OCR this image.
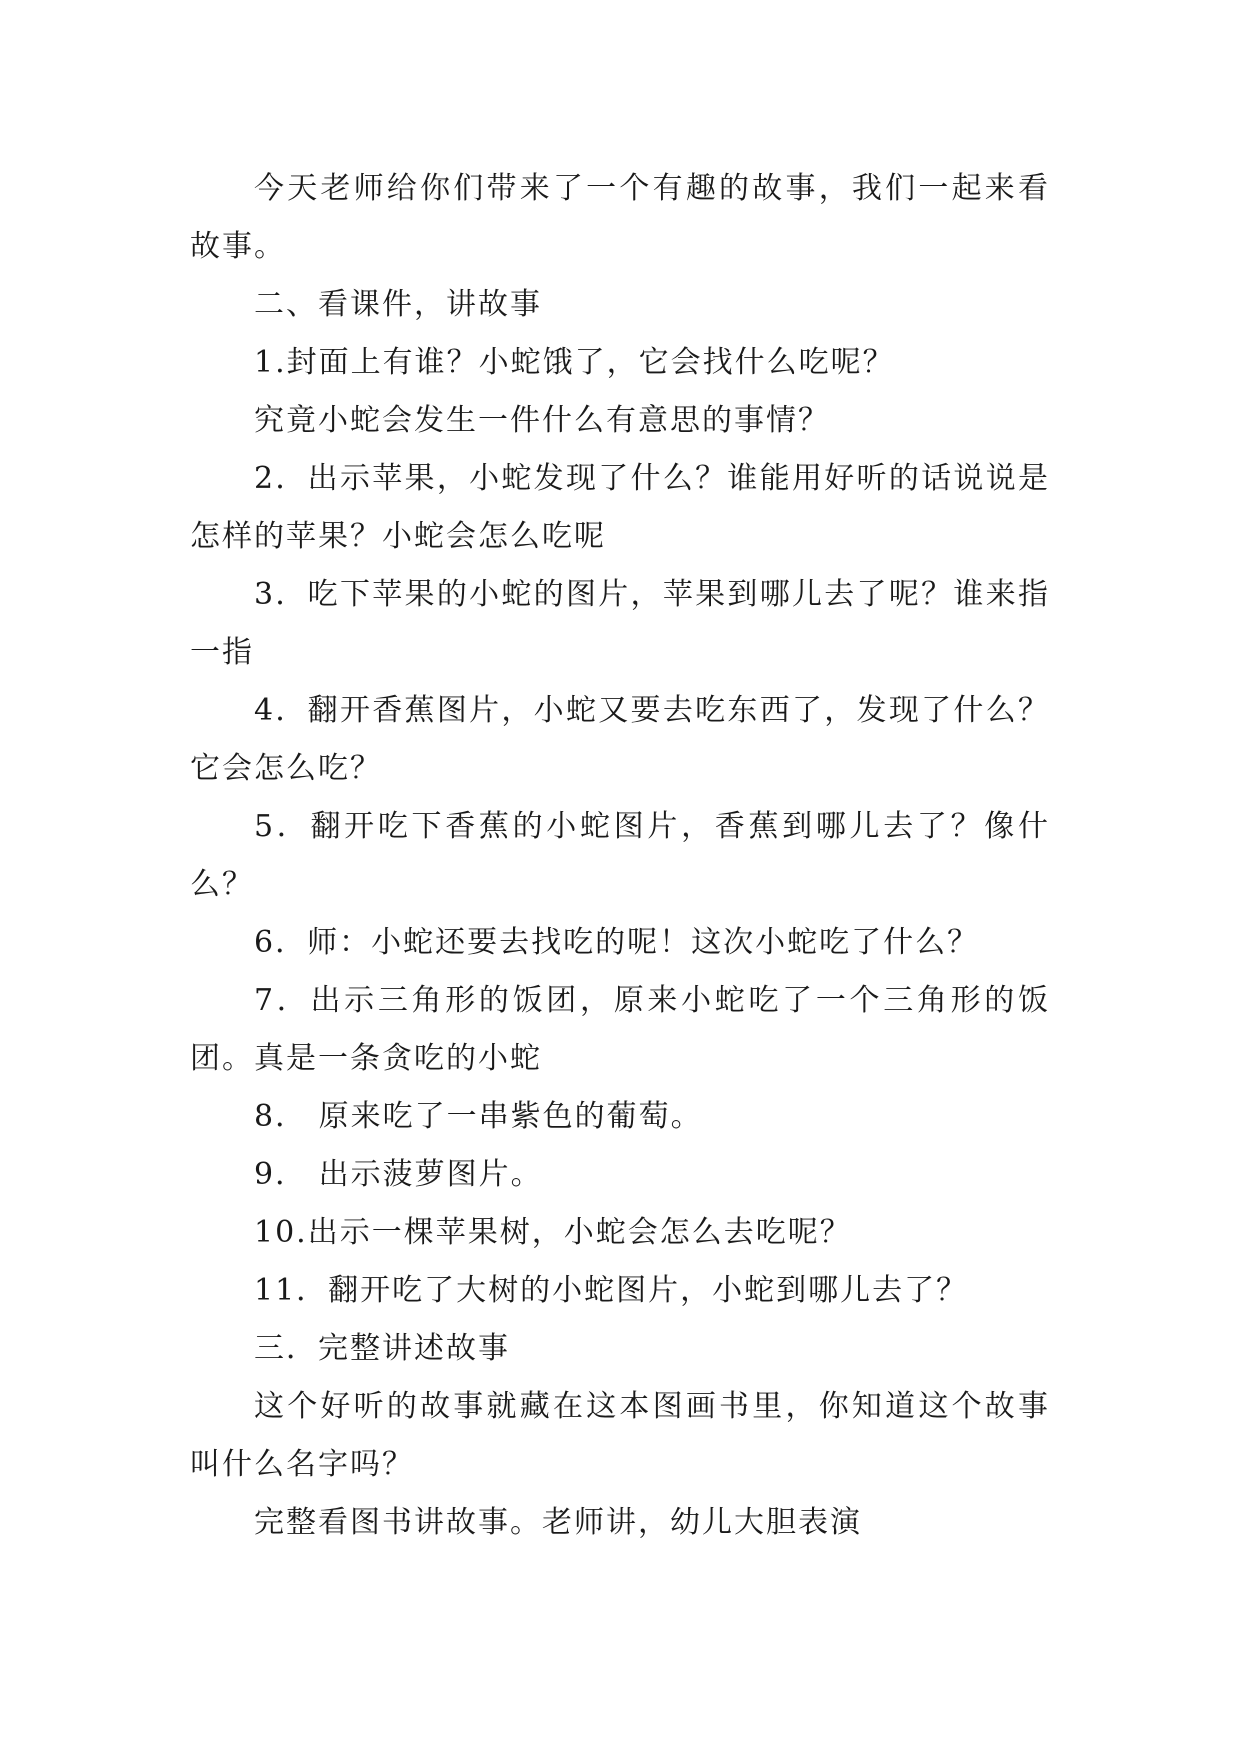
今天老师给你们带来了一个有趣的故事，我们一起来看故事。

二、看课件，讲故事

1.封面上有谁？小蛇饿了，它会找什么吃呢？

究竟小蛇会发生一件什么有意思的事情？

2．出示苹果，小蛇发现了什么？谁能用好听的话说说是怎样的苹果？小蛇会怎么吃呢

3．吃下苹果的小蛇的图片，苹果到哪儿去了呢？谁来指一指

4．翻开香蕉图片，小蛇又要去吃东西了，发现了什么？它会怎么吃？

5．翻开吃下香蕉的小蛇图片，香蕉到哪儿去了？像什么？

6．师：小蛇还要去找吃的呢！这次小蛇吃了什么？

7．出示三角形的饭团，原来小蛇吃了一个三角形的饭团。真是一条贪吃的小蛇

8． 原来吃了一串紫色的葡萄。

9． 出示菠萝图片。

10.出示一棵苹果树，小蛇会怎么去吃呢？

11．翻开吃了大树的小蛇图片，小蛇到哪儿去了？

三．完整讲述故事

这个好听的故事就藏在这本图画书里，你知道这个故事叫什么名字吗？

完整看图书讲故事。老师讲，幼儿大胆表演
